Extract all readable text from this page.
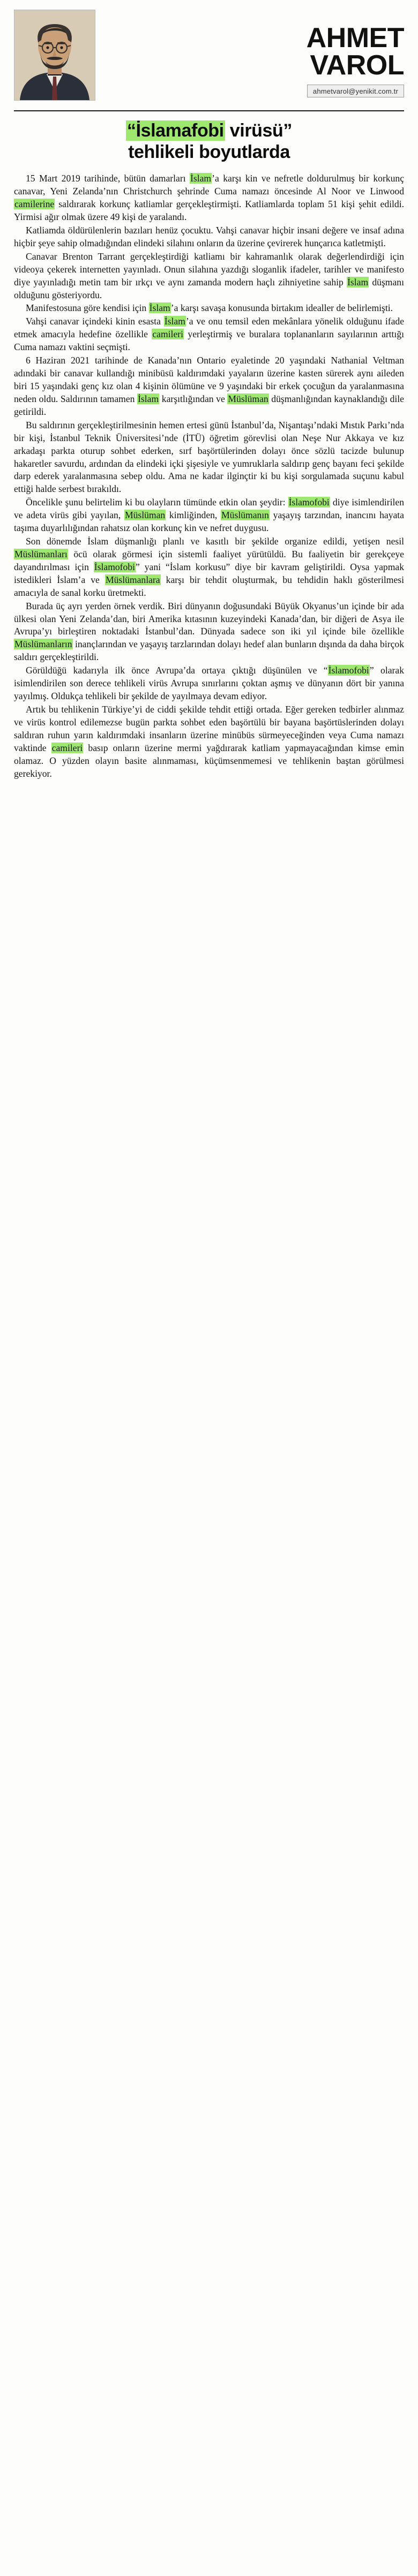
AHMET
VAROL
ahmetvarol@yenikit.com.tr
“İslamafobi virüsü”
tehlikeli boyutlarda

15 Mart 2019 tarihinde, bütün damarları İslam’a karşı kin ve nefretle doldurulmuş bir korkunç canavar, Yeni Zelanda’nın Christchurch şehrinde Cuma namazı öncesinde Al Noor ve Linwood camilerine saldırarak korkunç katliamlar gerçekleştirmişti. Katliamlarda toplam 51 kişi şehit edildi. Yirmisi ağır olmak üzere 49 kişi de yaralandı.

Katliamda öldürülenlerin bazıları henüz çocuktu. Vahşi canavar hiçbir insani değere ve insaf adına hiçbir şeye sahip olmadığından elindeki silahını onların da üzerine çevirerek hunçarıca katletmişti.

Canavar Brenton Tarrant gerçekleştirdiği katliamı bir kahramanlık olarak değerlendirdiği için videoya çekerek internetten yayınladı. Onun silahına yazdığı sloganlik ifadeler, tarihler ve manifesto diye yayınladığı metin tam bir ırkçı ve aynı zamanda modern haçlı zihniyetine sahip İslam düşmanı olduğunu gösteriyordu.

Manifestosuna göre kendisi için İslam’a karşı savaşa konusunda birtakım idealler de belirlemişti.

Vahşi canavar içindeki kinin esasta İslam’a ve onu temsil eden mekânlara yönelik olduğunu ifade etmek amacıyla hedefine özellikle camileri yerleştirmiş ve buralara toplananların sayılarının arttığı Cuma namazı vaktini seçmişti.

6 Haziran 2021 tarihinde de Kanada’nın Ontario eyaletinde 20 yaşındaki Nathanial Veltman adındaki bir canavar kullandığı minibüsü kaldırımdaki yayaların üzerine kasten sürerek aynı aileden biri 15 yaşındaki genç kız olan 4 kişinin ölümüne ve 9 yaşındaki bir erkek çocuğun da yaralanmasına neden oldu. Saldırının tamamen İslam karşıtlığından ve Müslüman düşmanlığından kaynaklandığı dile getirildi.

Bu saldırının gerçekleştirilmesinin hemen ertesi günü İstanbul’da, Nişantaşı’ndaki Mıstık Parkı’nda bir kişi, İstanbul Teknik Üniversitesi’nde (İTÜ) öğretim görevlisi olan Neşe Nur Akkaya ve kız arkadaşı parkta oturup sohbet ederken, sırf başörtülerinden dolayı önce sözlü tacizde bulunup hakaretler savurdu, ardından da elindeki içki şişesiyle ve yumruklarla saldırıp genç bayanı feci şekilde darp ederek yaralanmasına sebep oldu. Ama ne kadar ilginçtir ki bu kişi sorgulamada suçunu kabul ettiği halde serbest bırakıldı.

Öncelikle şunu belirtelim ki bu olayların tümünde etkin olan şeydir: İslamofobi diye isimlendirilen ve adeta virüs gibi yayılan, Müslüman kimliğinden, Müslümanın yaşayış tarzından, inancını hayata taşıma duyarlılığından rahatsız olan korkunç kin ve nefret duygusu.

Son dönemde İslam düşmanlığı planlı ve kasıtlı bir şekilde organize edildi, yetişen nesil Müslümanları öcü olarak görmesi için sistemli faaliyet yürütüldü. Bu faaliyetin bir gerekçeye dayandırılması için İslamofobi” yani “İslam korkusu” diye bir kavram geliştirildi. Oysa yapmak istedikleri İslam’a ve Müslümanlara karşı bir tehdit oluşturmak, bu tehdidin haklı gösterilmesi amacıyla de sanal korku üretmekti.

Burada üç ayrı yerden örnek verdik. Biri dünyanın doğusundaki Büyük Okyanus’un içinde bir ada ülkesi olan Yeni Zelanda’dan, biri Amerika kıtasının kuzeyindeki Kanada’dan, bir diğeri de Asya ile Avrupa’yı birleştiren noktadaki İstanbul’dan. Dünyada sadece son iki yıl içinde bile özellikle Müslümanların inançlarından ve yaşayış tarzlarından dolayı hedef alan bunların dışında da daha birçok saldırı gerçekleştirildi.

Görüldüğü kadarıyla ilk önce Avrupa’da ortaya çıktığı düşünülen ve “İslamofobi” olarak isimlendirilen son derece tehlikeli virüs Avrupa sınırlarını çoktan aşmış ve dünyanın dört bir yanına yayılmış. Oldukça tehlikeli bir şekilde de yayılmaya devam ediyor.

Artık bu tehlikenin Türkiye’yi de ciddi şekilde tehdit ettiği ortada. Eğer gereken tedbirler alınmaz ve virüs kontrol edilemezse bugün parkta sohbet eden başörtülü bir bayana başörtüslerinden dolayı saldıran ruhun yarın kaldırımdaki insanların üzerine minübüs sürmeyeceğinden veya Cuma namazı vaktinde camileri basıp onların üzerine mermi yağdırarak katliam yapmayacağından kimse emin olamaz. O yüzden olayın basite alınmaması, küçümsenmemesi ve tehlikenin baştan görülmesi gerekiyor.
